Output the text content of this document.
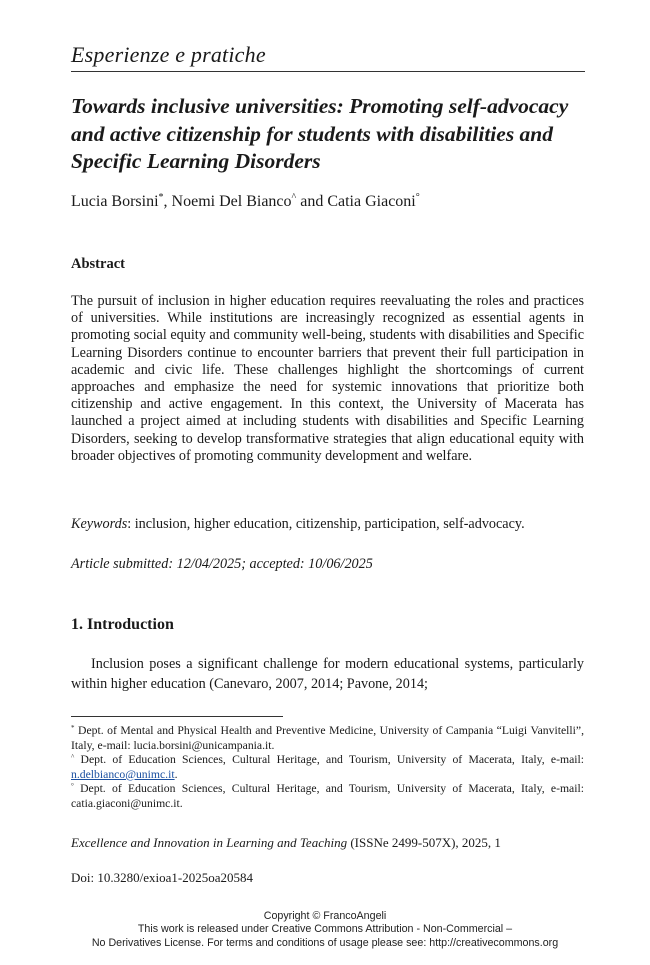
Esperienze e pratiche
Towards inclusive universities: Promoting self-advocacy and active citizenship for students with disabilities and Specific Learning Disorders
Lucia Borsini*, Noemi Del Bianco^ and Catia Giaconi°
Abstract

The pursuit of inclusion in higher education requires reevaluating the roles and practices of universities. While institutions are increasingly recognized as essential agents in promoting social equity and community well-being, students with disabilities and Specific Learning Disorders continue to encounter barriers that prevent their full participation in academic and civic life. These challenges highlight the shortcomings of current approaches and emphasize the need for systemic innovations that prioritize both citizenship and active engagement. In this context, the University of Macerata has launched a project aimed at including students with disabilities and Specific Learning Disorders, seeking to develop transformative strategies that align educational equity with broader objectives of promoting community development and welfare.

Keywords: inclusion, higher education, citizenship, participation, self-advocacy.
Article submitted: 12/04/2025; accepted: 10/06/2025
1. Introduction

Inclusion poses a significant challenge for modern educational systems, particularly within higher education (Canevaro, 2007, 2014; Pavone, 2014;

* Dept. of Mental and Physical Health and Preventive Medicine, University of Campania “Luigi Vanvitelli”, Italy, e-mail: lucia.borsini@unicampania.it.

^ Dept. of Education Sciences, Cultural Heritage, and Tourism, University of Macerata, Italy, e-mail: n.delbianco@unimc.it.

° Dept. of Education Sciences, Cultural Heritage, and Tourism, University of Macerata, Italy, e-mail: catia.giaconi@unimc.it.

Excellence and Innovation in Learning and Teaching (ISSNe 2499-507X), 2025, 1
Doi: 10.3280/exioa1-2025oa20584
Copyright © FrancoAngeli
This work is released under Creative Commons Attribution - Non-Commercial –
No Derivatives License. For terms and conditions of usage please see: http://creativecommons.org
